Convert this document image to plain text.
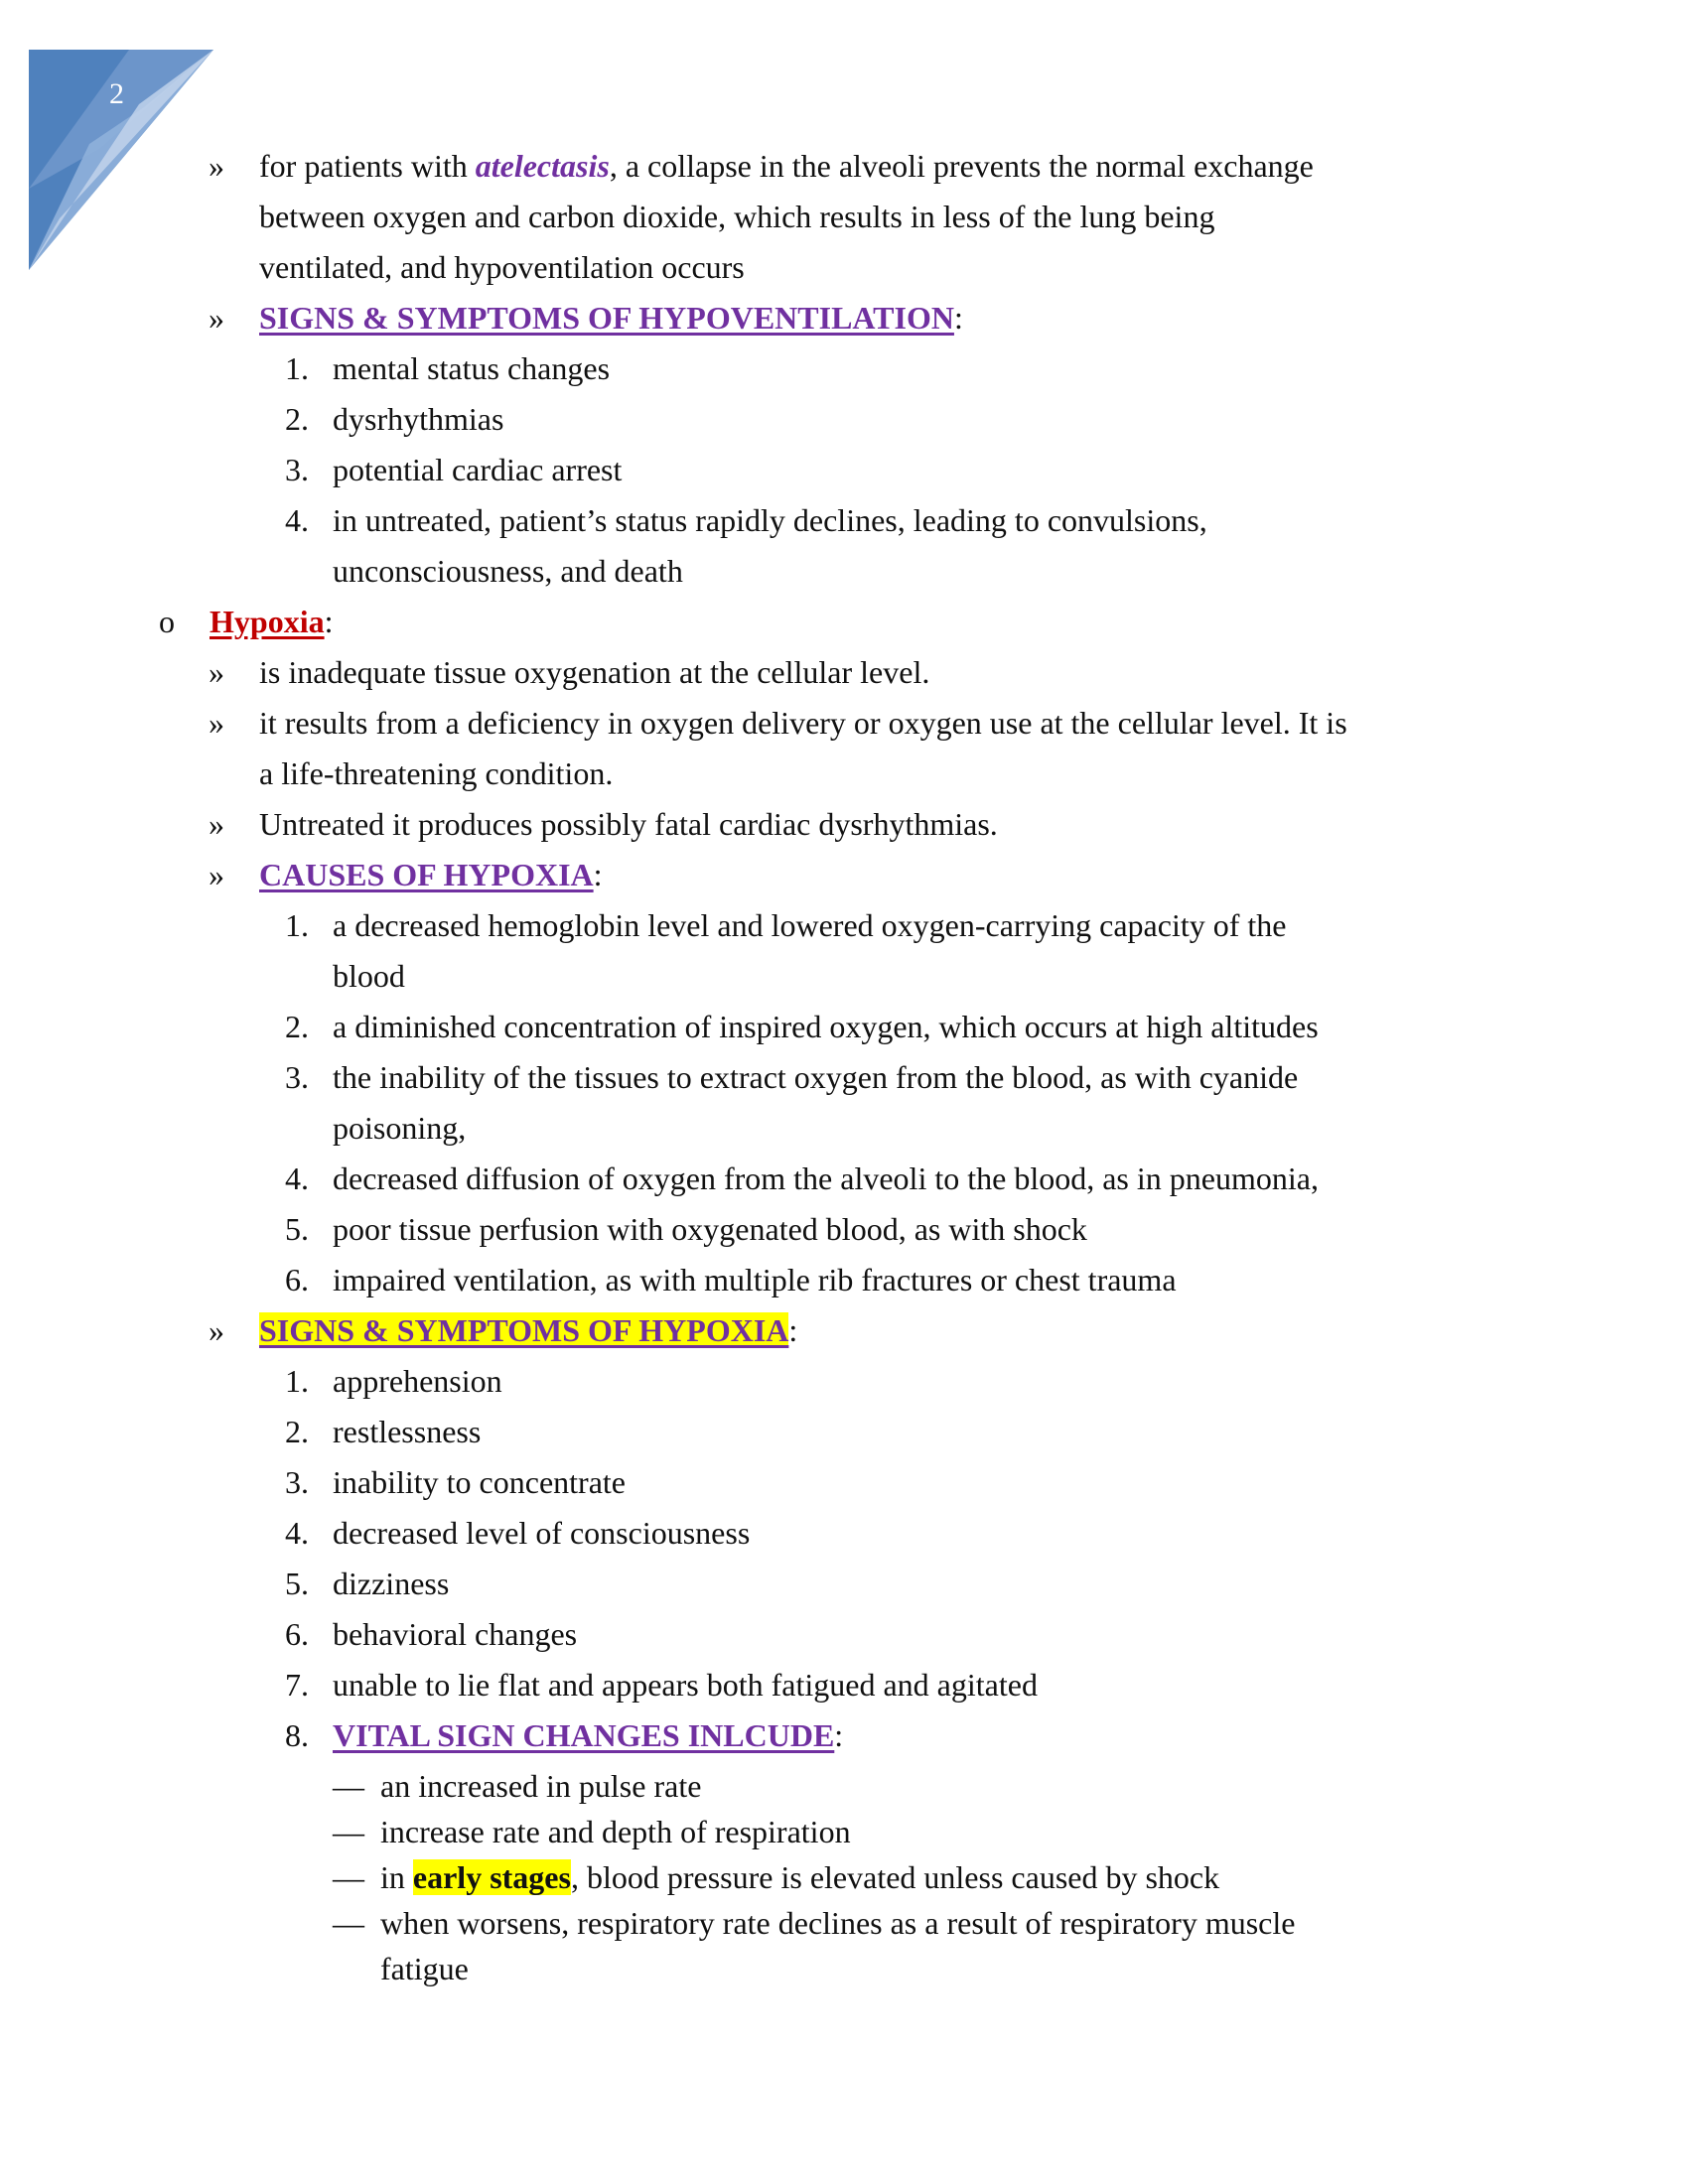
2
» for patients with atelectasis, a collapse in the alveoli prevents the normal exchange
between oxygen and carbon dioxide, which results in less of the lung being
ventilated, and hypoventilation occurs
» SIGNS & SYMPTOMS OF HYPOVENTILATION:
1. mental status changes
2. dysrhythmias
3. potential cardiac arrest
4. in untreated, patient’s status rapidly declines, leading to convulsions,
unconsciousness, and death
o Hypoxia:
» is inadequate tissue oxygenation at the cellular level.
» it results from a deficiency in oxygen delivery or oxygen use at the cellular level. It is
a life-threatening condition.
» Untreated it produces possibly fatal cardiac dysrhythmias.
» CAUSES OF HYPOXIA:
1. a decreased hemoglobin level and lowered oxygen-carrying capacity of the
blood
2. a diminished concentration of inspired oxygen, which occurs at high altitudes
3. the inability of the tissues to extract oxygen from the blood, as with cyanide
poisoning,
4. decreased diffusion of oxygen from the alveoli to the blood, as in pneumonia,
5. poor tissue perfusion with oxygenated blood, as with shock
6. impaired ventilation, as with multiple rib fractures or chest trauma
» SIGNS & SYMPTOMS OF HYPOXIA:
1. apprehension
2. restlessness
3. inability to concentrate
4. decreased level of consciousness
5. dizziness
6. behavioral changes
7. unable to lie flat and appears both fatigued and agitated
8. VITAL SIGN CHANGES INLCUDE:
— an increased in pulse rate
— increase rate and depth of respiration
— in early stages, blood pressure is elevated unless caused by shock
— when worsens, respiratory rate declines as a result of respiratory muscle
fatigue
